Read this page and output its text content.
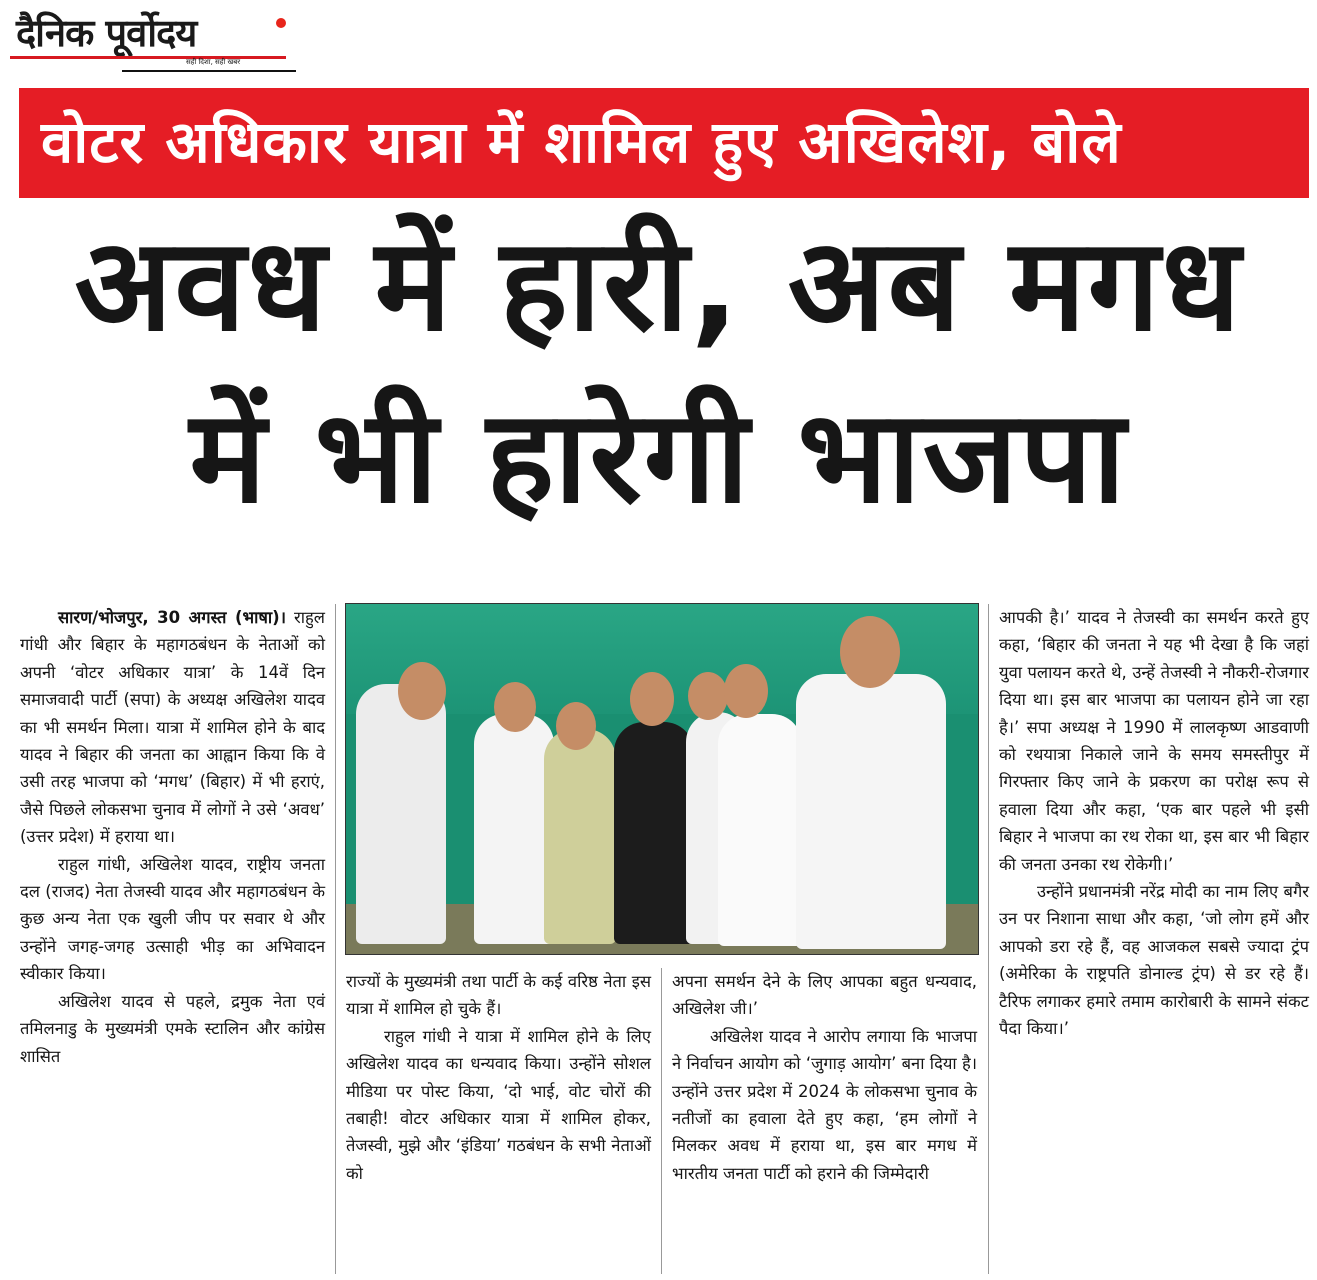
दैनिक पूर्वोदय
सही दिशा, सही खबर
वोटर अधिकार यात्रा में शामिल हुए अखिलेश, बोले
अवध में हारी, अब मगध
में भी हारेगी भाजपा

सारण/भोजपुर, 30 अगस्त (भाषा)। राहुल गांधी और बिहार के महागठबंधन के नेताओं को अपनी ‘वोटर अधिकार यात्रा’ के 14वें दिन समाजवादी पार्टी (सपा) के अध्यक्ष अखिलेश यादव का भी समर्थन मिला। यात्रा में शामिल होने के बाद यादव ने बिहार की जनता का आह्वान किया कि वे उसी तरह भाजपा को ‘मगध’ (बिहार) में भी हराएं, जैसे पिछले लोकसभा चुनाव में लोगों ने उसे ‘अवध’ (उत्तर प्रदेश) में हराया था।

राहुल गांधी, अखिलेश यादव, राष्ट्रीय जनता दल (राजद) नेता तेजस्वी यादव और महागठबंधन के कुछ अन्य नेता एक खुली जीप पर सवार थे और उन्होंने जगह-जगह उत्साही भीड़ का अभिवादन स्वीकार किया।

अखिलेश यादव से पहले, द्रमुक नेता एवं तमिलनाडु के मुख्यमंत्री एमके स्टालिन और कांग्रेस शासित

राज्यों के मुख्यमंत्री तथा पार्टी के कई वरिष्ठ नेता इस यात्रा में शामिल हो चुके हैं।

राहुल गांधी ने यात्रा में शामिल होने के लिए अखिलेश यादव का धन्यवाद किया। उन्होंने सोशल मीडिया पर पोस्ट किया, ‘दो भाई, वोट चोरों की तबाही! वोटर अधिकार यात्रा में शामिल होकर, तेजस्वी, मुझे और ‘इंडिया’ गठबंधन के सभी नेताओं को

अपना समर्थन देने के लिए आपका बहुत धन्यवाद, अखिलेश जी।’

अखिलेश यादव ने आरोप लगाया कि भाजपा ने निर्वाचन आयोग को ‘जुगाड़ आयोग’ बना दिया है। उन्होंने उत्तर प्रदेश में 2024 के लोकसभा चुनाव के नतीजों का हवाला देते हुए कहा, ‘हम लोगों ने मिलकर अवध में हराया था, इस बार मगध में भारतीय जनता पार्टी को हराने की जिम्मेदारी

आपकी है।’ यादव ने तेजस्वी का समर्थन करते हुए कहा, ‘बिहार की जनता ने यह भी देखा है कि जहां युवा पलायन करते थे, उन्हें तेजस्वी ने नौकरी-रोजगार दिया था। इस बार भाजपा का पलायन होने जा रहा है।’ सपा अध्यक्ष ने 1990 में लालकृष्ण आडवाणी को रथयात्रा निकाले जाने के समय समस्तीपुर में गिरफ्तार किए जाने के प्रकरण का परोक्ष रूप से हवाला दिया और कहा, ‘एक बार पहले भी इसी बिहार ने भाजपा का रथ रोका था, इस बार भी बिहार की जनता उनका रथ रोकेगी।’

उन्होंने प्रधानमंत्री नरेंद्र मोदी का नाम लिए बगैर उन पर निशाना साधा और कहा, ‘जो लोग हमें और आपको डरा रहे हैं, वह आजकल सबसे ज्यादा ट्रंप (अमेरिका के राष्ट्रपति डोनाल्ड ट्रंप) से डर रहे हैं। टैरिफ लगाकर हमारे तमाम कारोबारी के सामने संकट पैदा किया।’
